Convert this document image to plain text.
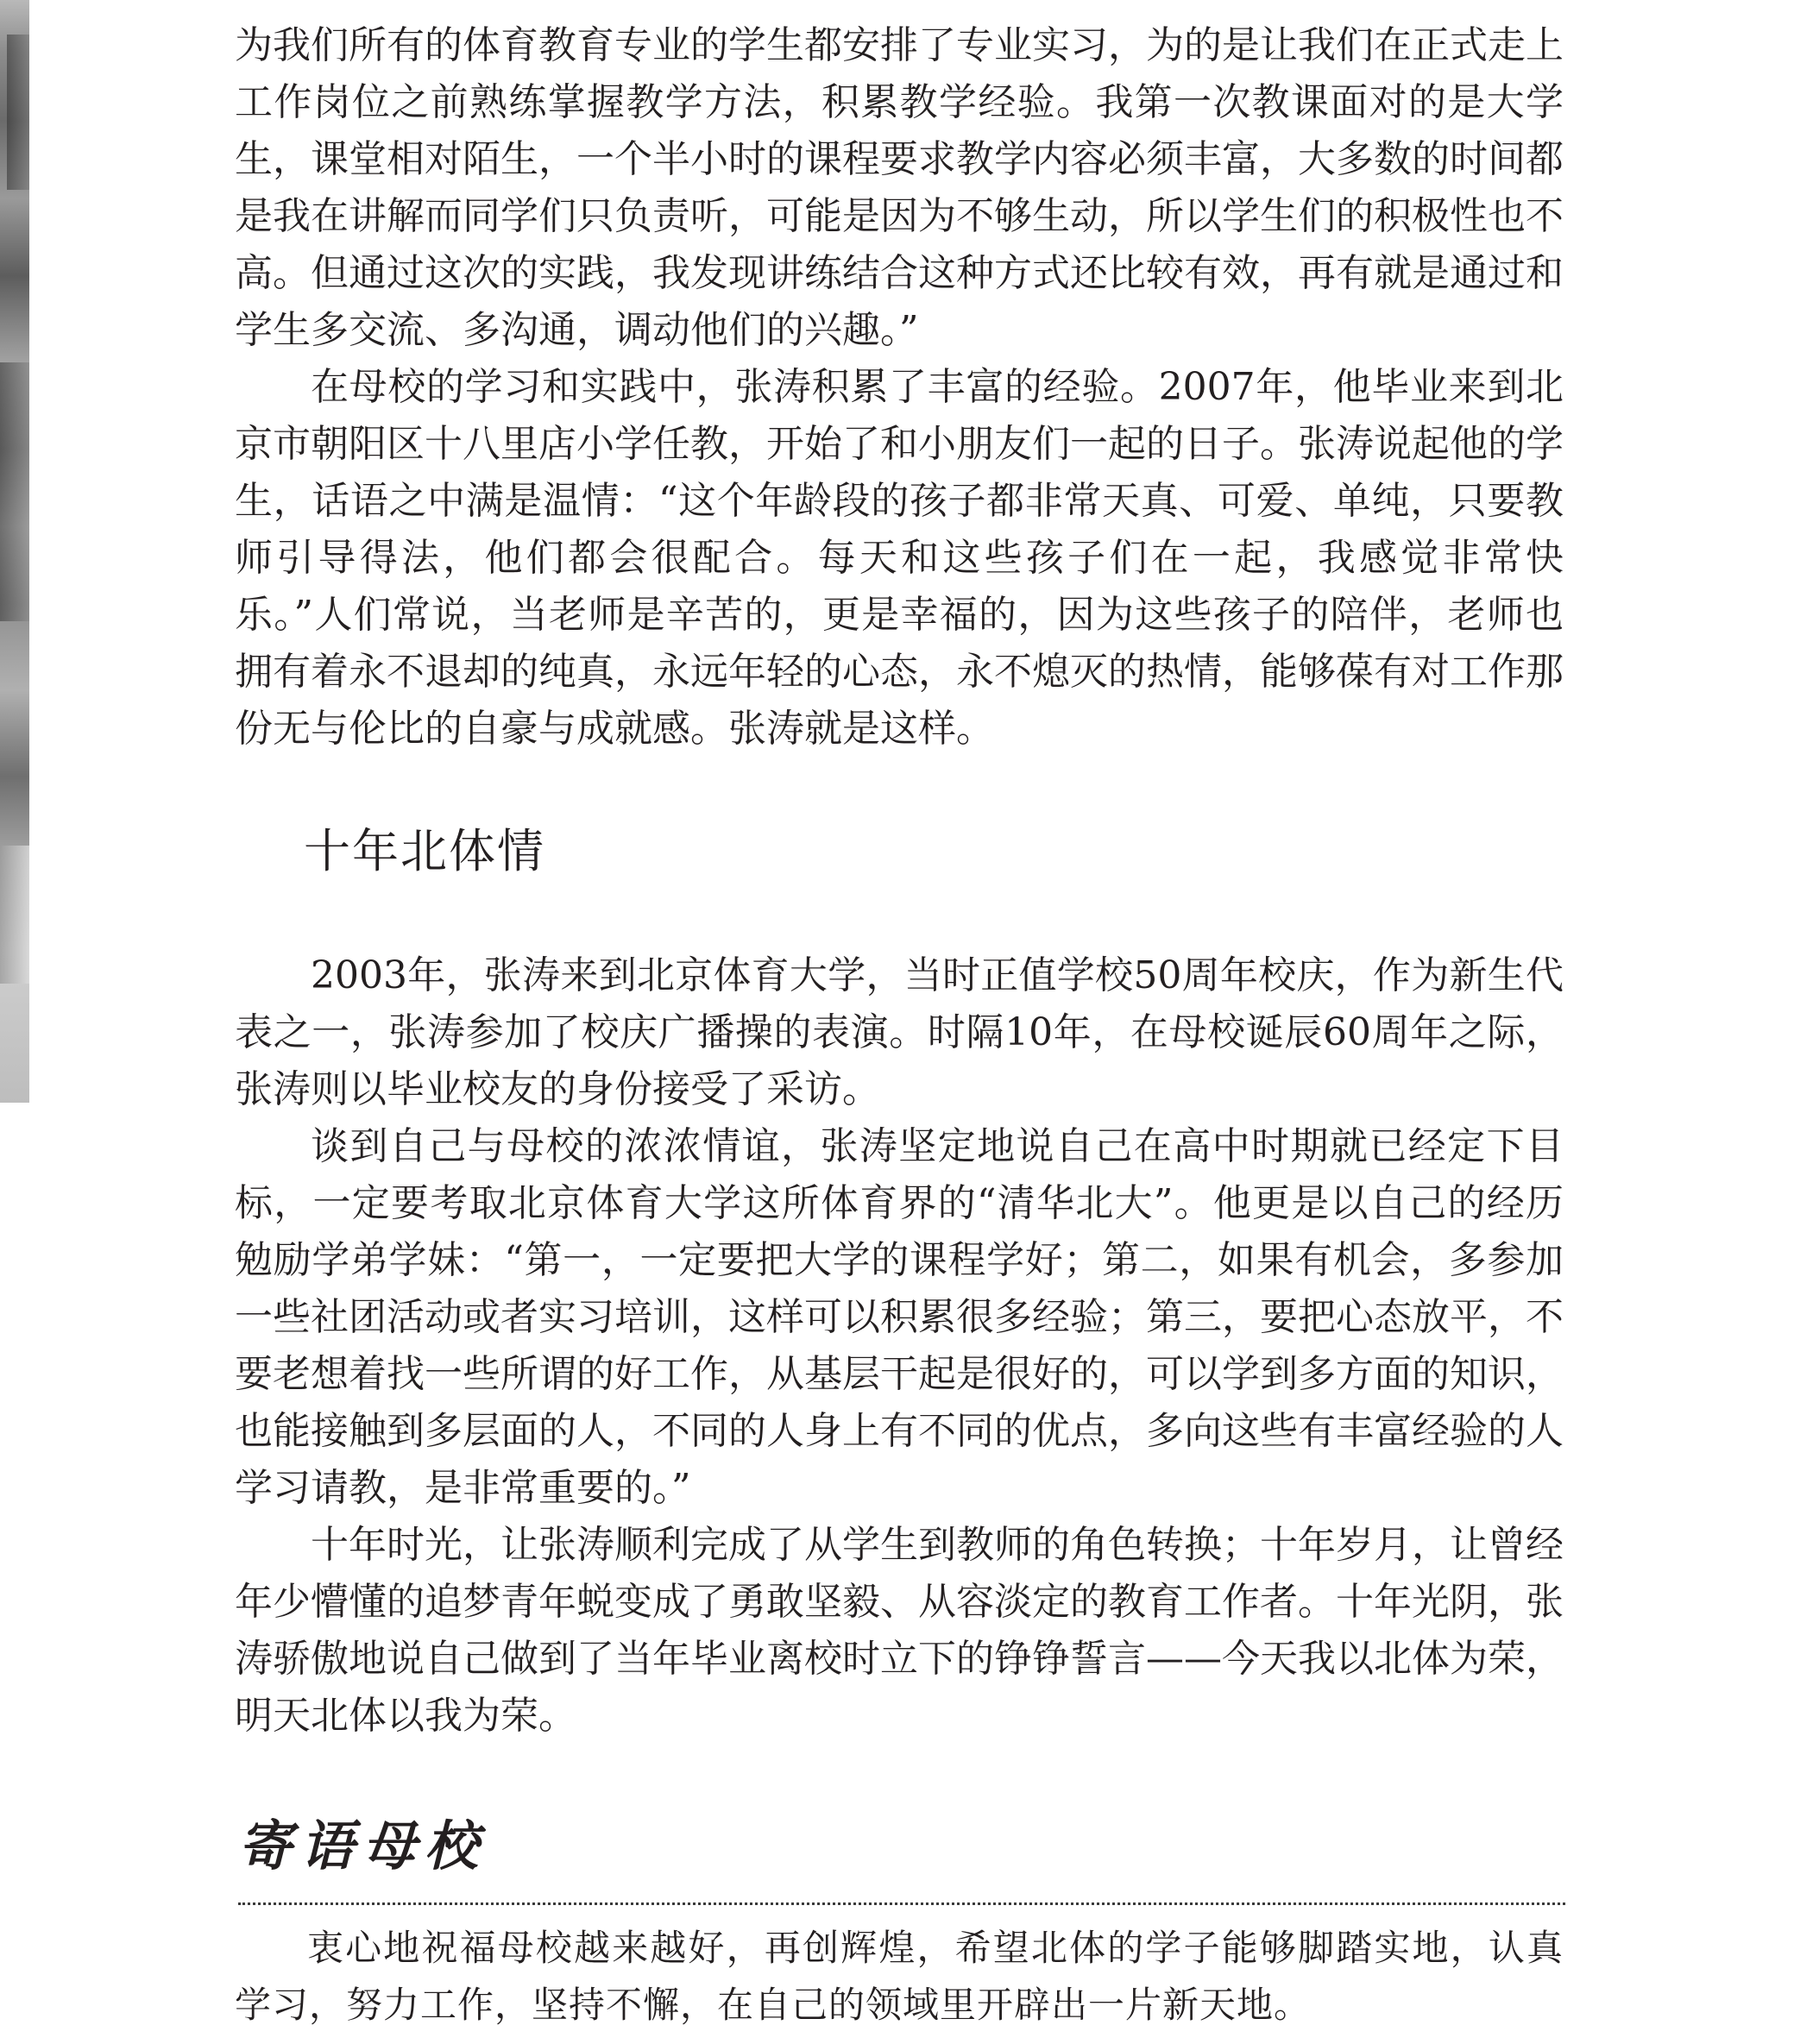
为我们所有的体育教育专业的学生都安排了专业实习，为的是让我们在正式走上工作岗位之前熟练掌握教学方法，积累教学经验。我第一次教课面对的是大学生，课堂相对陌生，一个半小时的课程要求教学内容必须丰富，大多数的时间都是我在讲解而同学们只负责听，可能是因为不够生动，所以学生们的积极性也不高。但通过这次的实践，我发现讲练结合这种方式还比较有效，再有就是通过和学生多交流、多沟通，调动他们的兴趣。”

在母校的学习和实践中，张涛积累了丰富的经验。2007年，他毕业来到北京市朝阳区十八里店小学任教，开始了和小朋友们一起的日子。张涛说起他的学生，话语之中满是温情：“这个年龄段的孩子都非常天真、可爱、单纯，只要教师引导得法，他们都会很配合。每天和这些孩子们在一起，我感觉非常快乐。”人们常说，当老师是辛苦的，更是幸福的，因为这些孩子的陪伴，老师也拥有着永不退却的纯真，永远年轻的心态，永不熄灭的热情，能够葆有对工作那份无与伦比的自豪与成就感。张涛就是这样。

十年北体情

2003年，张涛来到北京体育大学，当时正值学校50周年校庆，作为新生代表之一，张涛参加了校庆广播操的表演。时隔10年，在母校诞辰60周年之际，张涛则以毕业校友的身份接受了采访。

谈到自己与母校的浓浓情谊，张涛坚定地说自己在高中时期就已经定下目标，一定要考取北京体育大学这所体育界的“清华北大”。他更是以自己的经历勉励学弟学妹：“第一，一定要把大学的课程学好；第二，如果有机会，多参加一些社团活动或者实习培训，这样可以积累很多经验；第三，要把心态放平，不要老想着找一些所谓的好工作，从基层干起是很好的，可以学到多方面的知识，也能接触到多层面的人，不同的人身上有不同的优点，多向这些有丰富经验的人学习请教，是非常重要的。”

十年时光，让张涛顺利完成了从学生到教师的角色转换；十年岁月，让曾经年少懵懂的追梦青年蜕变成了勇敢坚毅、从容淡定的教育工作者。十年光阴，张涛骄傲地说自己做到了当年毕业离校时立下的铮铮誓言——今天我以北体为荣，明天北体以我为荣。

寄语母校

衷心地祝福母校越来越好，再创辉煌，希望北体的学子能够脚踏实地，认真学习，努力工作，坚持不懈，在自己的领域里开辟出一片新天地。
